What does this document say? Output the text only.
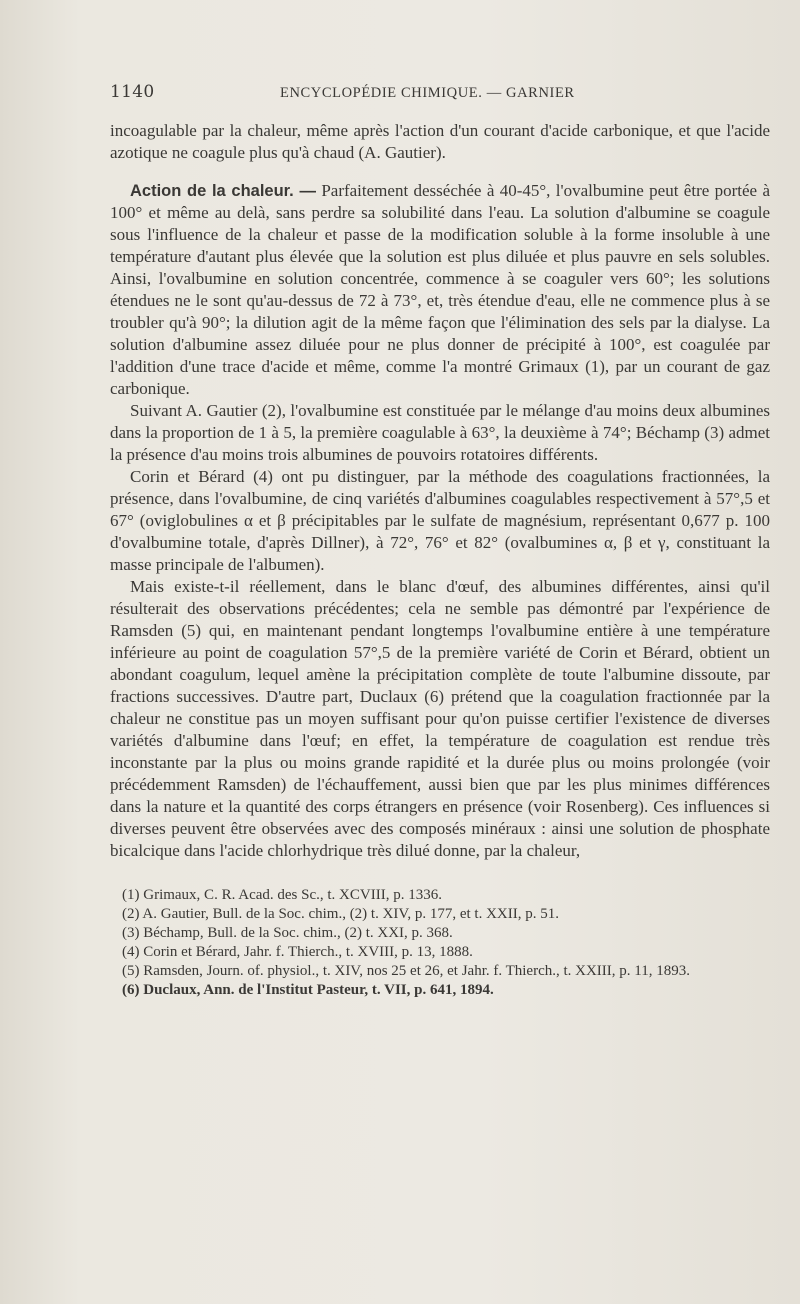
1140	ENCYCLOPÉDIE CHIMIQUE. — GARNIER

incoagulable par la chaleur, même après l'action d'un courant d'acide carbonique, et que l'acide azotique ne coagule plus qu'à chaud (A. Gautier).

Action de la chaleur. — Parfaitement desséchée à 40-45°, l'ovalbumine peut être portée à 100° et même au delà, sans perdre sa solubilité dans l'eau. La solution d'albumine se coagule sous l'influence de la chaleur et passe de la modification soluble à la forme insoluble à une température d'autant plus élevée que la solution est plus diluée et plus pauvre en sels solubles. Ainsi, l'ovalbumine en solution concentrée, commence à se coaguler vers 60°; les solutions étendues ne le sont qu'au-dessus de 72 à 73°, et, très étendue d'eau, elle ne commence plus à se troubler qu'à 90°; la dilution agit de la même façon que l'élimination des sels par la dialyse. La solution d'albumine assez diluée pour ne plus donner de précipité à 100°, est coagulée par l'addition d'une trace d'acide et même, comme l'a montré Grimaux (1), par un courant de gaz carbonique.

Suivant A. Gautier (2), l'ovalbumine est constituée par le mélange d'au moins deux albumines dans la proportion de 1 à 5, la première coagulable à 63°, la deuxième à 74°; Béchamp (3) admet la présence d'au moins trois albumines de pouvoirs rotatoires différents.

Corin et Bérard (4) ont pu distinguer, par la méthode des coagulations fractionnées, la présence, dans l'ovalbumine, de cinq variétés d'albumines coagulables respectivement à 57°,5 et 67° (oviglobulines α et β précipitables par le sulfate de magnésium, représentant 0,677 p. 100 d'ovalbumine totale, d'après Dillner), à 72°, 76° et 82° (ovalbumines α, β et γ, constituant la masse principale de l'albumen).

Mais existe-t-il réellement, dans le blanc d'œuf, des albumines différentes, ainsi qu'il résulterait des observations précédentes; cela ne semble pas démontré par l'expérience de Ramsden (5) qui, en maintenant pendant longtemps l'ovalbumine entière à une température inférieure au point de coagulation 57°,5 de la première variété de Corin et Bérard, obtient un abondant coagulum, lequel amène la précipitation complète de toute l'albumine dissoute, par fractions successives. D'autre part, Duclaux (6) prétend que la coagulation fractionnée par la chaleur ne constitue pas un moyen suffisant pour qu'on puisse certifier l'existence de diverses variétés d'albumine dans l'œuf; en effet, la température de coagulation est rendue très inconstante par la plus ou moins grande rapidité et la durée plus ou moins prolongée (voir précédemment Ramsden) de l'échauffement, aussi bien que par les plus minimes différences dans la nature et la quantité des corps étrangers en présence (voir Rosenberg). Ces influences si diverses peuvent être observées avec des composés minéraux : ainsi une solution de phosphate bicalcique dans l'acide chlorhydrique très dilué donne, par la chaleur,

(1) Grimaux, C. R. Acad. des Sc., t. XCVIII, p. 1336.

(2) A. Gautier, Bull. de la Soc. chim., (2) t. XIV, p. 177, et t. XXII, p. 51.

(3) Béchamp, Bull. de la Soc. chim., (2) t. XXI, p. 368.

(4) Corin et Bérard, Jahr. f. Thierch., t. XVIII, p. 13, 1888.

(5) Ramsden, Journ. of. physiol., t. XIV, nos 25 et 26, et Jahr. f. Thierch., t. XXIII, p. 11, 1893.

(6) Duclaux, Ann. de l'Institut Pasteur, t. VII, p. 641, 1894.
